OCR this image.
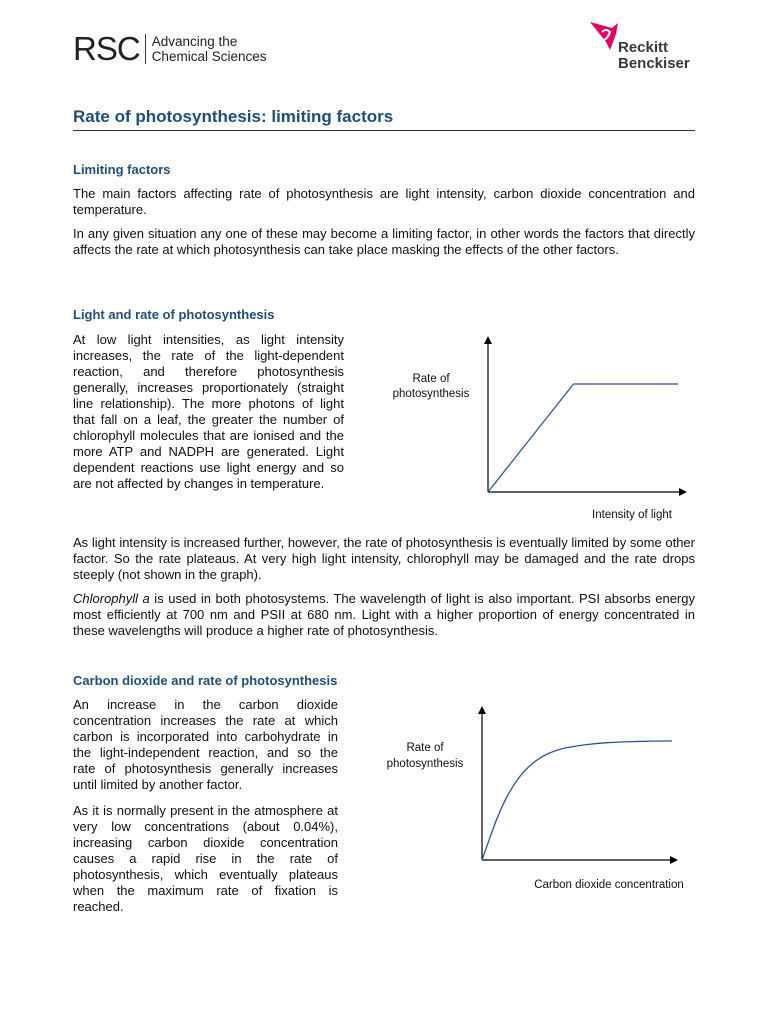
RSC Advancing the
Chemical Sciences	Reckitt
Benckiser
Rate of photosynthesis: limiting factors
Limiting factors

The main factors affecting rate of photosynthesis are light intensity, carbon dioxide concentration and temperature.

In any given situation any one of these may become a limiting factor, in other words the factors that directly affects the rate at which photosynthesis can take place masking the effects of the other factors.

Light and rate of photosynthesis

At low light intensities, as light intensity increases, the rate of the light-dependent reaction, and therefore photosynthesis generally, increases proportionately (straight line relationship). The more photons of light that fall on a leaf, the greater the number of chlorophyll molecules that are ionised and the more ATP and NADPH are generated. Light dependent reactions use light energy and so are not affected by changes in temperature.

Rate of
photosynthesis
Intensity of light

As light intensity is increased further, however, the rate of photosynthesis is eventually limited by some other factor. So the rate plateaus. At very high light intensity, chlorophyll may be damaged and the rate drops steeply (not shown in the graph).

Chlorophyll a is used in both photosystems. The wavelength of light is also important. PSI absorbs energy most efficiently at 700 nm and PSII at 680 nm. Light with a higher proportion of energy concentrated in these wavelengths will produce a higher rate of photosynthesis.

Carbon dioxide and rate of photosynthesis

An increase in the carbon dioxide concentration increases the rate at which carbon is incorporated into carbohydrate in the light-independent reaction, and so the rate of photosynthesis generally increases until limited by another factor.

As it is normally present in the atmosphere at very low concentrations (about 0.04%), increasing carbon dioxide concentration causes a rapid rise in the rate of photosynthesis, which eventually plateaus when the maximum rate of fixation is reached.

Rate of
photosynthesis
Carbon dioxide concentration
